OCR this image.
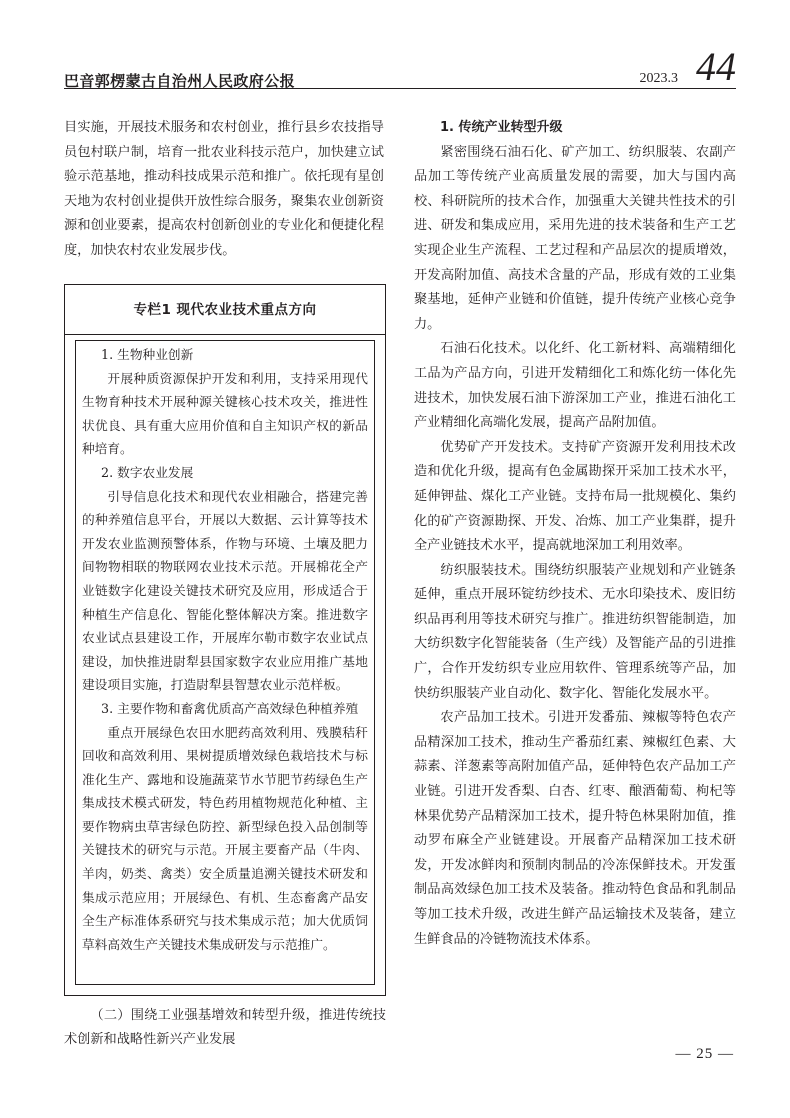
巴音郭楞蒙古自治州人民政府公报	2023.3 44

目实施，开展技术服务和农村创业，推行县乡农技指导员包村联户制，培育一批农业科技示范户，加快建立试验示范基地，推动科技成果示范和推广。依托现有星创天地为农村创业提供开放性综合服务，聚集农业创新资源和创业要素，提高农村创新创业的专业化和便捷化程度，加快农村农业发展步伐。

专栏1 现代农业技术重点方向
1. 生物种业创新

开展种质资源保护开发和利用，支持采用现代生物育种技术开展种源关键核心技术攻关，推进性状优良、具有重大应用价值和自主知识产权的新品种培育。

2. 数字农业发展

引导信息化技术和现代农业相融合，搭建完善的种养殖信息平台，开展以大数据、云计算等技术开发农业监测预警体系，作物与环境、土壤及肥力间物物相联的物联网农业技术示范。开展棉花全产业链数字化建设关键技术研究及应用，形成适合于种植生产信息化、智能化整体解决方案。推进数字农业试点县建设工作，开展库尔勒市数字农业试点建设，加快推进尉犁县国家数字农业应用推广基地建设项目实施，打造尉犁县智慧农业示范样板。

3. 主要作物和畜禽优质高产高效绿色种植养殖

重点开展绿色农田水肥药高效利用、残膜秸秆回收和高效利用、果树提质增效绿色栽培技术与标准化生产、露地和设施蔬菜节水节肥节药绿色生产集成技术模式研发，特色药用植物规范化种植、主要作物病虫草害绿色防控、新型绿色投入品创制等关键技术的研究与示范。开展主要畜产品（牛肉、羊肉，奶类、禽类）安全质量追溯关键技术研发和集成示范应用；开展绿色、有机、生态畜禽产品安全生产标准体系研究与技术集成示范；加大优质饲草料高效生产关键技术集成研发与示范推广。

（二）围绕工业强基增效和转型升级，推进传统技术创新和战略性新兴产业发展

1. 传统产业转型升级

紧密围绕石油石化、矿产加工、纺织服装、农副产品加工等传统产业高质量发展的需要，加大与国内高校、科研院所的技术合作，加强重大关键共性技术的引进、研发和集成应用，采用先进的技术装备和生产工艺实现企业生产流程、工艺过程和产品层次的提质增效，开发高附加值、高技术含量的产品，形成有效的工业集聚基地，延伸产业链和价值链，提升传统产业核心竞争力。

石油石化技术。以化纤、化工新材料、高端精细化工品为产品方向，引进开发精细化工和炼化纺一体化先进技术，加快发展石油下游深加工产业，推进石油化工产业精细化高端化发展，提高产品附加值。

优势矿产开发技术。支持矿产资源开发利用技术改造和优化升级，提高有色金属勘探开采加工技术水平，延伸钾盐、煤化工产业链。支持布局一批规模化、集约化的矿产资源勘探、开发、冶炼、加工产业集群，提升全产业链技术水平，提高就地深加工利用效率。

纺织服装技术。围绕纺织服装产业规划和产业链条延伸，重点开展环锭纺纱技术、无水印染技术、废旧纺织品再利用等技术研究与推广。推进纺织智能制造，加大纺织数字化智能装备（生产线）及智能产品的引进推广，合作开发纺织专业应用软件、管理系统等产品，加快纺织服装产业自动化、数字化、智能化发展水平。

农产品加工技术。引进开发番茄、辣椒等特色农产品精深加工技术，推动生产番茄红素、辣椒红色素、大蒜素、洋葱素等高附加值产品，延伸特色农产品加工产业链。引进开发香梨、白杏、红枣、酿酒葡萄、枸杞等林果优势产品精深加工技术，提升特色林果附加值，推动罗布麻全产业链建设。开展畜产品精深加工技术研发，开发冰鲜肉和预制肉制品的冷冻保鲜技术。开发蛋制品高效绿色加工技术及装备。推动特色食品和乳制品等加工技术升级，改进生鲜产品运输技术及装备，建立生鲜食品的冷链物流技术体系。

— 25 —
